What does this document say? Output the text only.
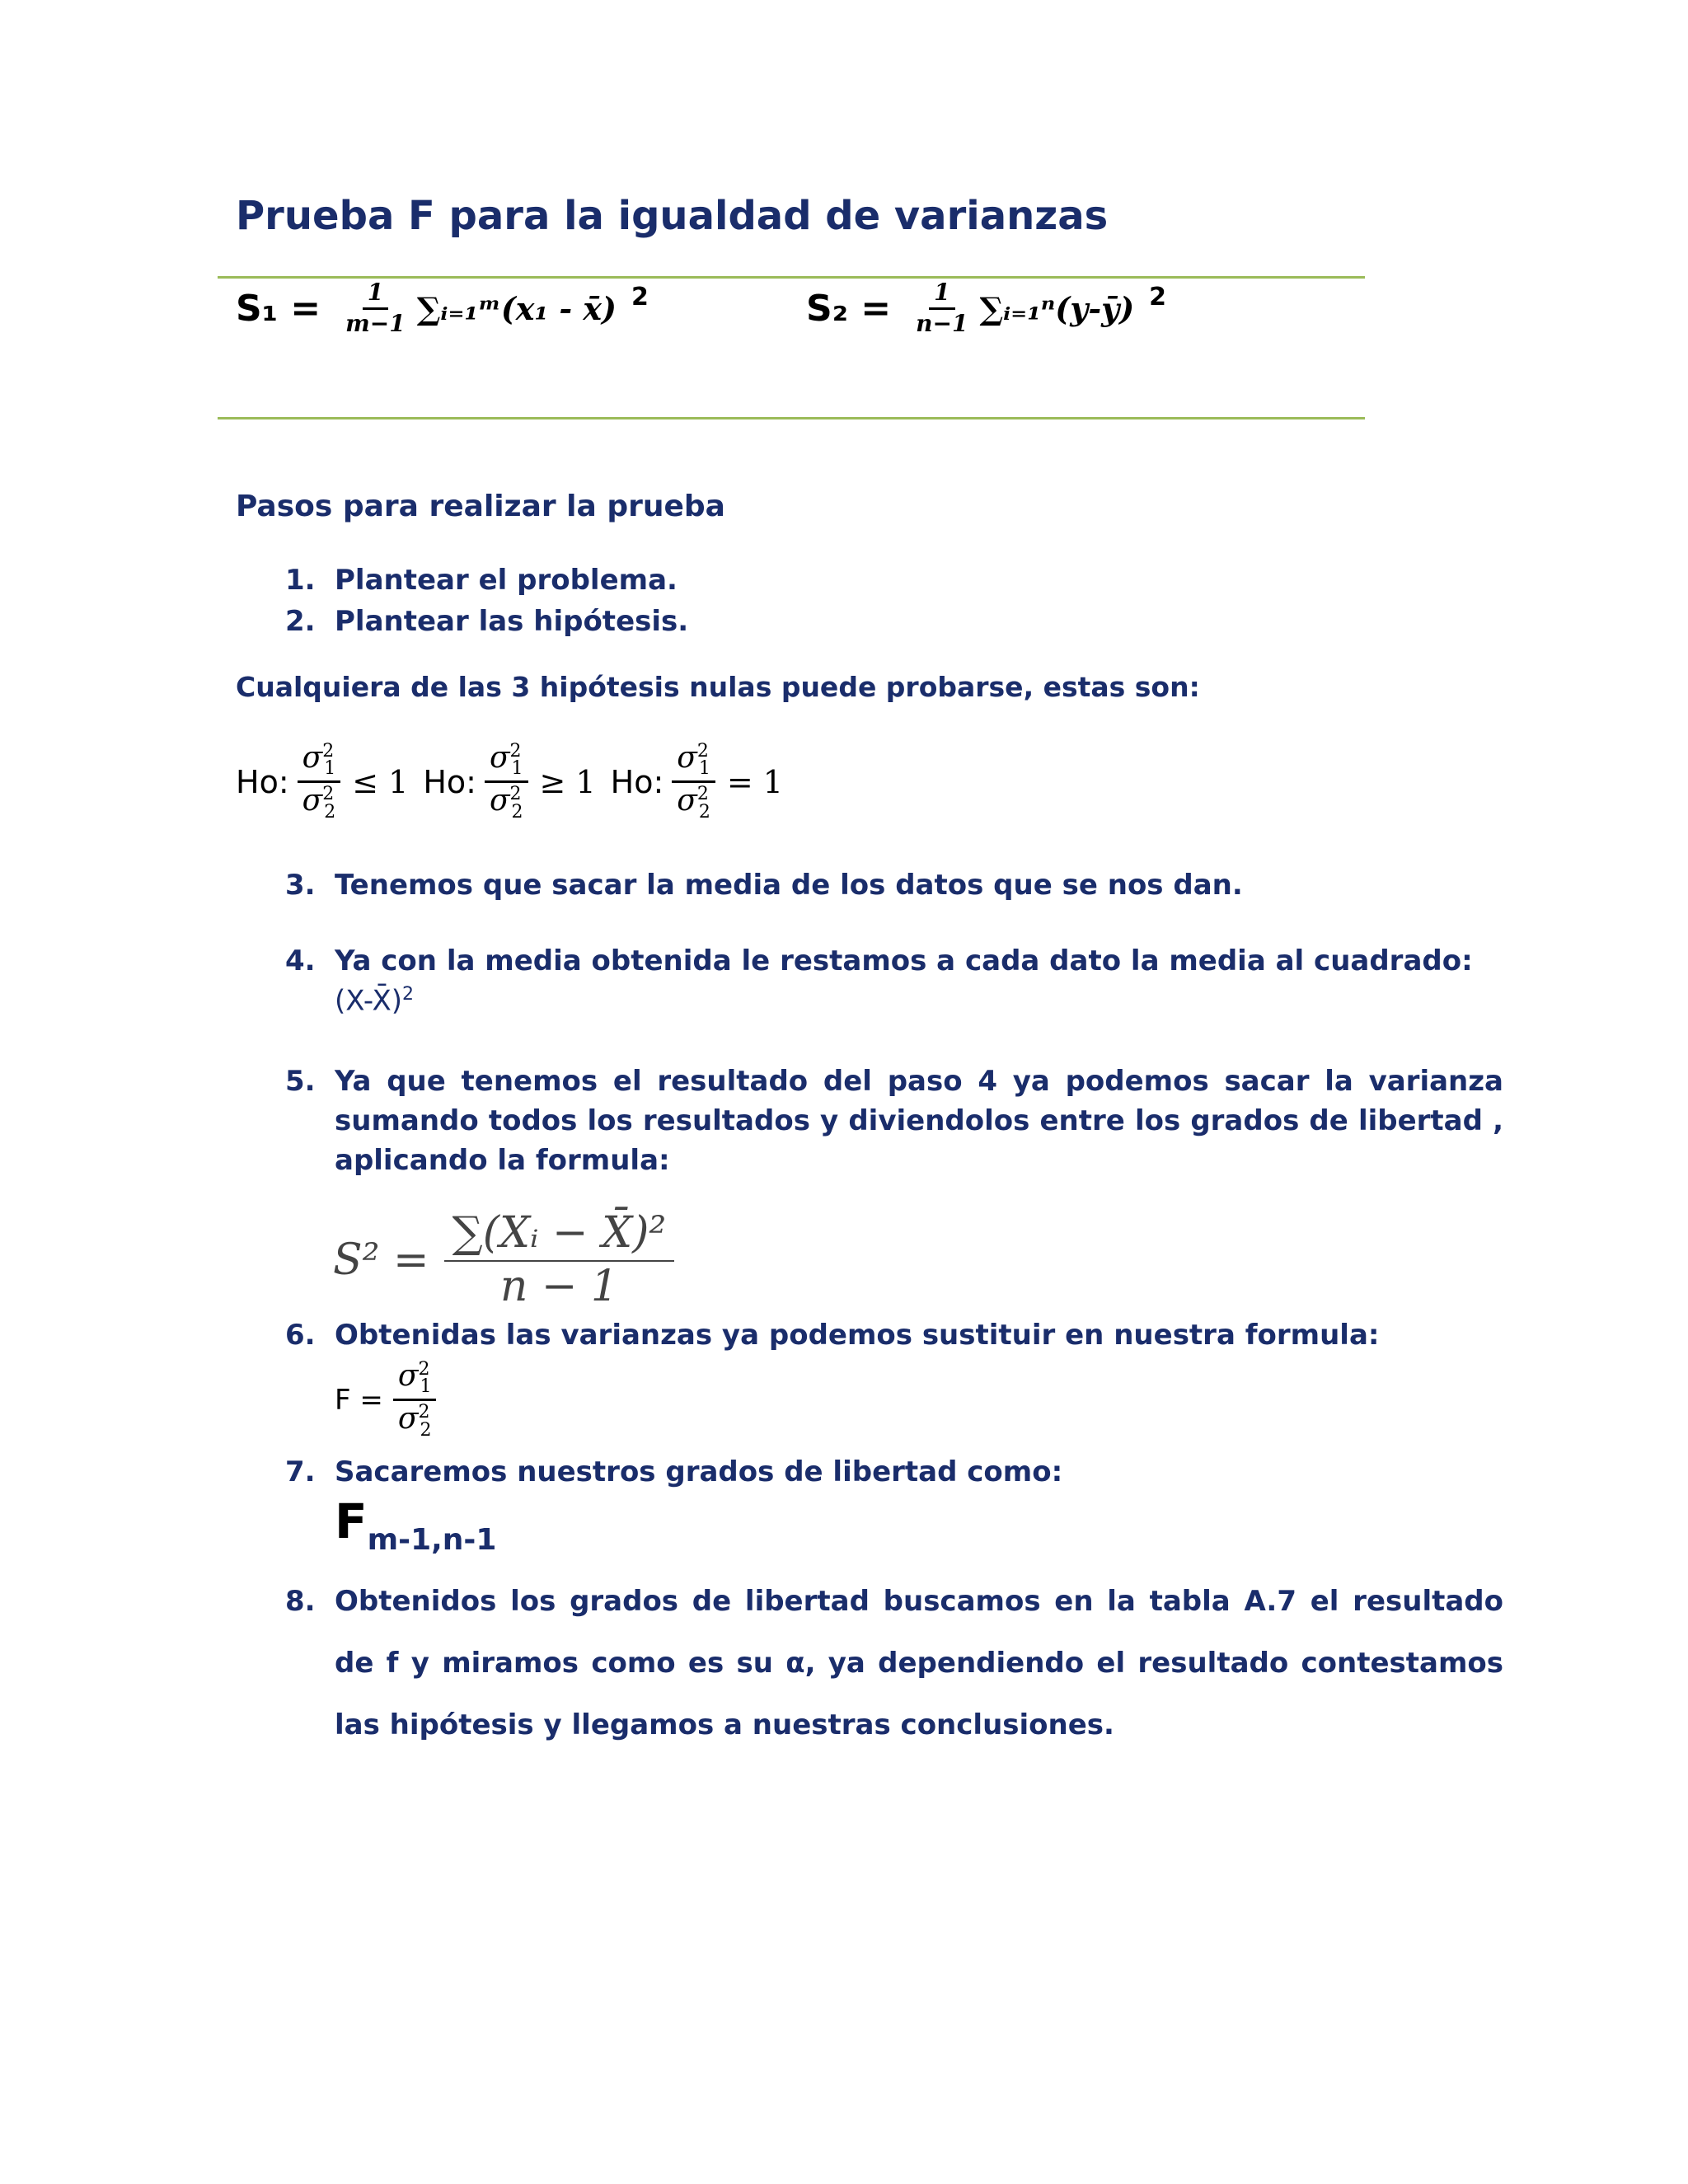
Prueba F para la igualdad de varianzas
$S_1 = \frac{1}{m-1}$ ∑ᵢ₌₁ᵐ(x₁ - x̄) 2	$S_2 = \frac{1}{n-1}$ ∑ᵢ₌₁ⁿ(y-ȳ) 2
Pasos para realizar la prueba
1. Plantear el problema.
2. Plantear las hipótesis.
Cualquiera de las 3 hipótesis nulas puede probarse, estas son:
Ho: $\frac{\sigma^2_1}{\sigma^2_2} \le 1$ Ho: $\frac{\sigma^2_1}{\sigma^2_2} \ge 1$ Ho: $\frac{\sigma^2_1}{\sigma^2_2} = 1$
3. Tenemos que sacar la media de los datos que se nos dan.
4. Ya con la media obtenida le restamos a cada dato la media al cuadrado:
(X-X̄)$^2$
5. Ya que tenemos el resultado del paso 4 ya podemos sacar la varianza sumando todos los resultados y diviendolos entre los grados de libertad , aplicando la formula:
$S^2 = \frac{\text{∑(Xᵢ − X̄)²}}{n - 1}$
6. Obtenidas las varianzas ya podemos sustituir en nuestra formula:
$F = \frac{\sigma^2_1}{\sigma^2_2}$
7. Sacaremos nuestros grados de libertad como:
Fm-1,n-1
8. Obtenidos los grados de libertad buscamos en la tabla A.7 el resultado de f y miramos como es su α, ya dependiendo el resultado contestamos las hipótesis y llegamos a nuestras conclusiones.
